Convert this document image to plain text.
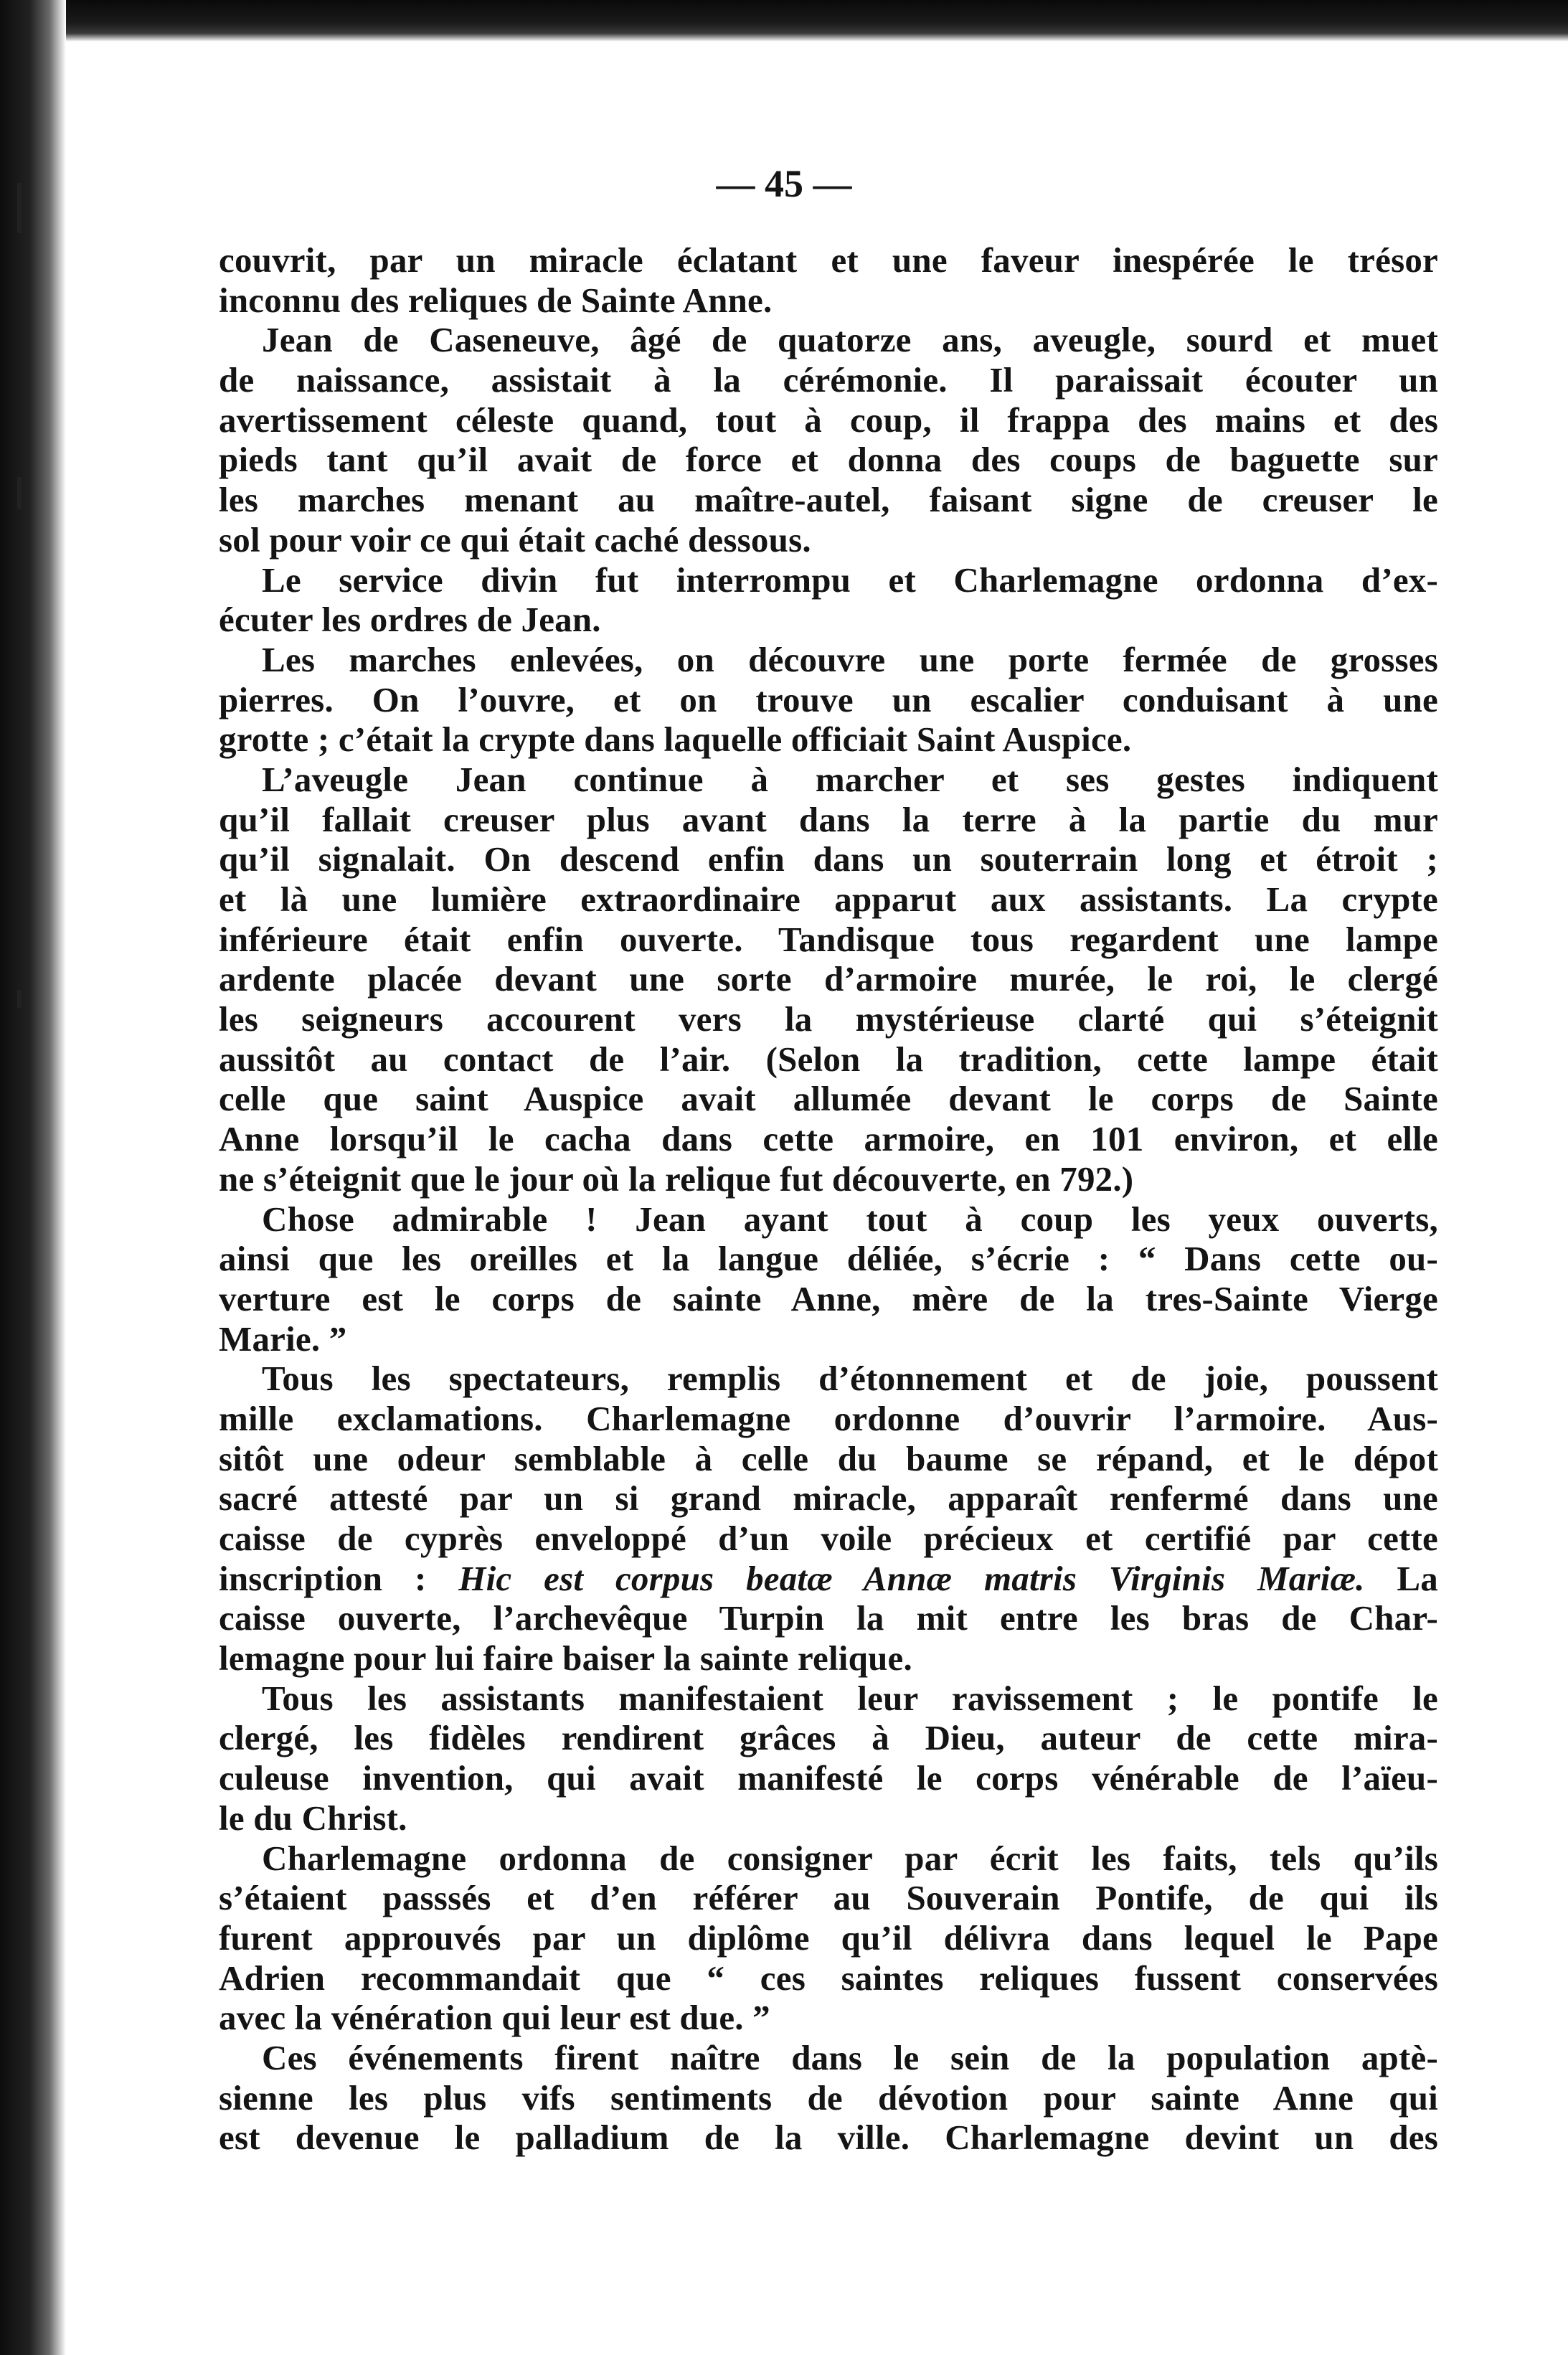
— 45 —
couvrit, par un miracle éclatant et une faveur inespérée le trésor
inconnu des reliques de Sainte Anne.
Jean de Caseneuve, âgé de quatorze ans, aveugle, sourd et muet
de naissance, assistait à la cérémonie. Il paraissait écouter un
avertissement céleste quand, tout à coup, il frappa des mains et des
pieds tant qu’il avait de force et donna des coups de baguette sur
les marches menant au maître-autel, faisant signe de creuser le
sol pour voir ce qui était caché dessous.
Le service divin fut interrompu et Charlemagne ordonna d’ex-
écuter les ordres de Jean.
Les marches enlevées, on découvre une porte fermée de grosses
pierres. On l’ouvre, et on trouve un escalier conduisant à une
grotte ; c’était la crypte dans laquelle officiait Saint Auspice.
L’aveugle Jean continue à marcher et ses gestes indiquent
qu’il fallait creuser plus avant dans la terre à la partie du mur
qu’il signalait. On descend enfin dans un souterrain long et étroit ;
et là une lumière extraordinaire apparut aux assistants. La crypte
inférieure était enfin ouverte. Tandisque tous regardent une lampe
ardente placée devant une sorte d’armoire murée, le roi, le clergé
les seigneurs accourent vers la mystérieuse clarté qui s’éteignit
aussitôt au contact de l’air. (Selon la tradition, cette lampe était
celle que saint Auspice avait allumée devant le corps de Sainte
Anne lorsqu’il le cacha dans cette armoire, en 101 environ, et elle
ne s’éteignit que le jour où la relique fut découverte, en 792.)
Chose admirable ! Jean ayant tout à coup les yeux ouverts,
ainsi que les oreilles et la langue déliée, s’écrie : “ Dans cette ou-
verture est le corps de sainte Anne, mère de la tres-Sainte Vierge
Marie. ”
Tous les spectateurs, remplis d’étonnement et de joie, poussent
mille exclamations. Charlemagne ordonne d’ouvrir l’armoire. Aus-
sitôt une odeur semblable à celle du baume se répand, et le dépot
sacré attesté par un si grand miracle, apparaît renfermé dans une
caisse de cyprès enveloppé d’un voile précieux et certifié par cette
inscription : Hic est corpus beatæ Annæ matris Virginis Mariæ. La
caisse ouverte, l’archevêque Turpin la mit entre les bras de Char-
lemagne pour lui faire baiser la sainte relique.
Tous les assistants manifestaient leur ravissement ; le pontife le
clergé, les fidèles rendirent grâces à Dieu, auteur de cette mira-
culeuse invention, qui avait manifesté le corps vénérable de l’aïeu-
le du Christ.
Charlemagne ordonna de consigner par écrit les faits, tels qu’ils
s’étaient passsés et d’en référer au Souverain Pontife, de qui ils
furent approuvés par un diplôme qu’il délivra dans lequel le Pape
Adrien recommandait que “ ces saintes reliques fussent conservées
avec la vénération qui leur est due. ”
Ces événements firent naître dans le sein de la population aptè-
sienne les plus vifs sentiments de dévotion pour sainte Anne qui
est devenue le palladium de la ville. Charlemagne devint un des
